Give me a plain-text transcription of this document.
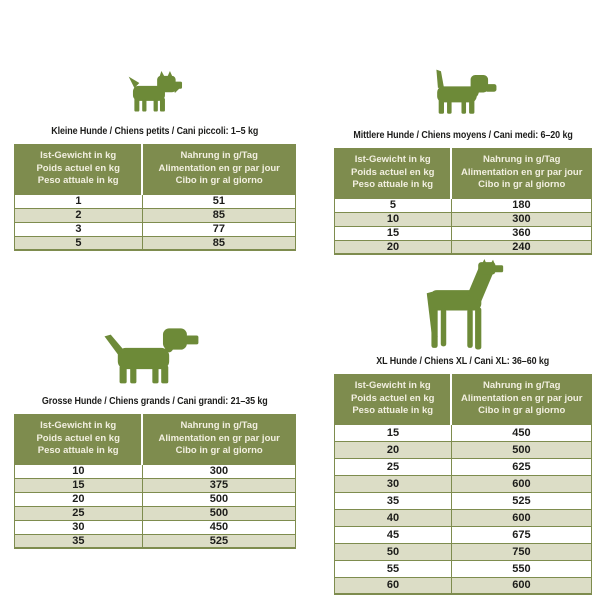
Kleine Hunde / Chiens petits / Cani piccoli: 1–5 kg
Ist-Gewicht in kg
Poids actuel en kg
Peso attuale in kg

Nahrung in g/Tag
Alimentation en gr par jour
Cibo in gr al giorno

1	51
2	85
3	77
5	85
Mittlere Hunde / Chiens moyens / Cani medi: 6–20 kg
Ist-Gewicht in kg
Poids actuel en kg
Peso attuale in kg

Nahrung in g/Tag
Alimentation en gr par jour
Cibo in gr al giorno

5	180
10	300
15	360
20	240
Grosse Hunde / Chiens grands / Cani grandi: 21–35 kg
Ist-Gewicht in kg
Poids actuel en kg
Peso attuale in kg

Nahrung in g/Tag
Alimentation en gr par jour
Cibo in gr al giorno

10	300
15	375
20	500
25	500
30	450
35	525
XL Hunde / Chiens XL / Cani XL: 36–60 kg
Ist-Gewicht in kg
Poids actuel en kg
Peso attuale in kg

Nahrung in g/Tag
Alimentation en gr par jour
Cibo in gr al giorno

15	450
20	500
25	625
30	600
35	525
40	600
45	675
50	750
55	550
60	600
